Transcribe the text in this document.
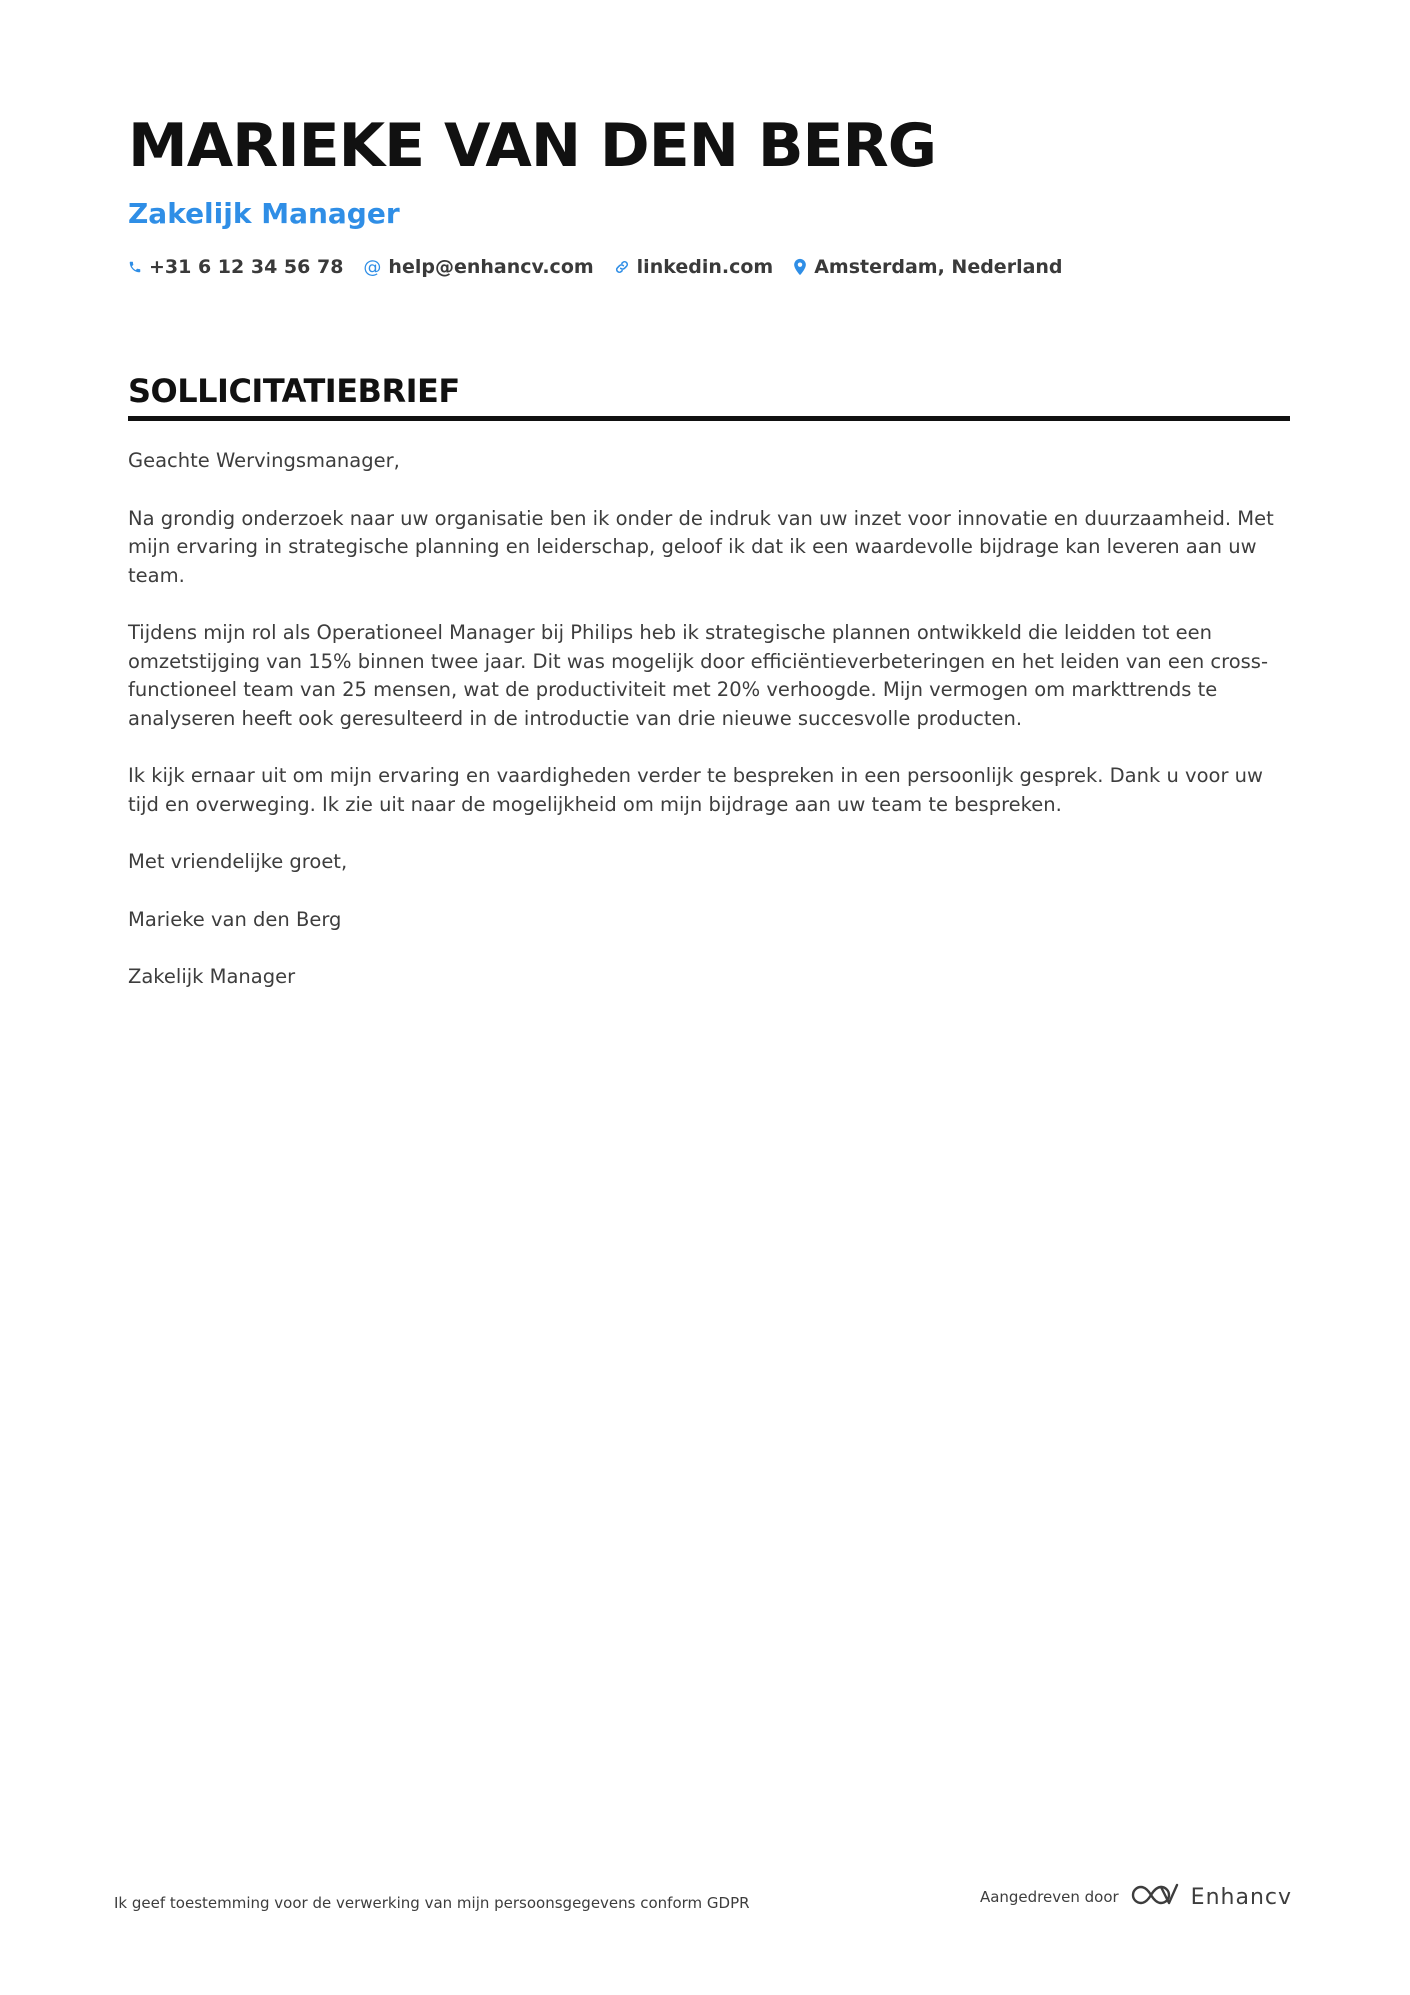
MARIEKE VAN DEN BERG
Zakelijk Manager
+31 6 12 34 56 78 @ help@enhancv.com linkedin.com Amsterdam, Nederland
SOLLICITATIEBRIEF

Geachte Wervingsmanager,

Na grondig onderzoek naar uw organisatie ben ik onder de indruk van uw inzet voor innovatie en duurzaamheid. Met mijn ervaring in strategische planning en leiderschap, geloof ik dat ik een waardevolle bijdrage kan leveren aan uw team.

Tijdens mijn rol als Operationeel Manager bij Philips heb ik strategische plannen ontwikkeld die leidden tot een omzetstijging van 15% binnen twee jaar. Dit was mogelijk door efficiëntieverbeteringen en het leiden van een cross-functioneel team van 25 mensen, wat de productiviteit met 20% verhoogde. Mijn vermogen om markttrends te analyseren heeft ook geresulteerd in de introductie van drie nieuwe succesvolle producten.

Ik kijk ernaar uit om mijn ervaring en vaardigheden verder te bespreken in een persoonlijk gesprek. Dank u voor uw tijd en overweging. Ik zie uit naar de mogelijkheid om mijn bijdrage aan uw team te bespreken.

Met vriendelijke groet,

Marieke van den Berg

Zakelijk Manager

Ik geef toestemming voor de verwerking van mijn persoonsgegevens conform GDPR	Aangedreven door	Enhancv
